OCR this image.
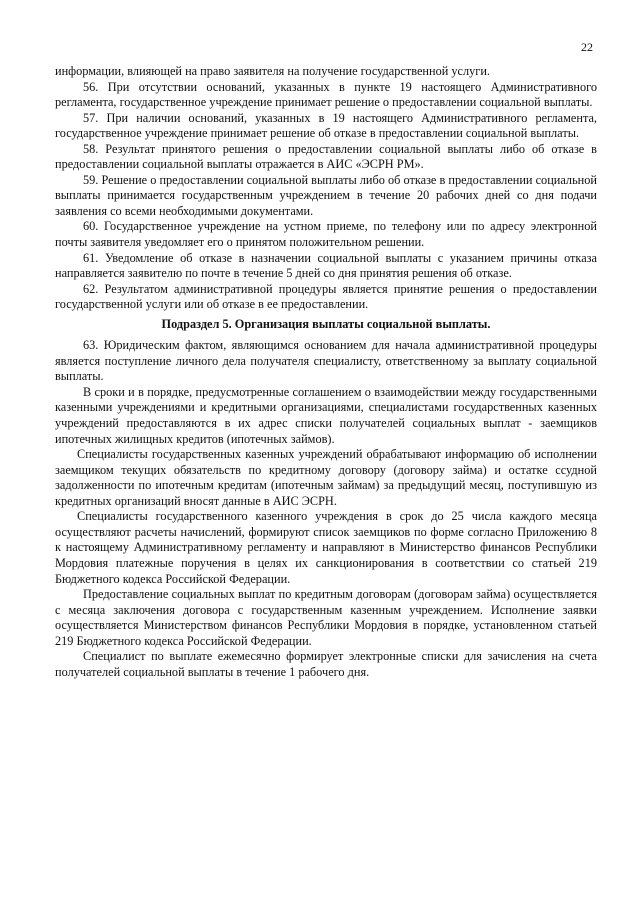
22

информации, влияющей на право заявителя на получение государственной услуги.

56. При отсутствии оснований, указанных в пункте 19 настоящего Административного регламента, государственное учреждение принимает решение о предоставлении социальной выплаты.

57. При наличии оснований, указанных в 19 настоящего Административного регламента, государственное учреждение принимает решение об отказе в предоставлении социальной выплаты.

58. Результат принятого решения о предоставлении социальной выплаты либо об отказе в предоставлении социальной выплаты отражается в АИС «ЭСРН РМ».

59. Решение о предоставлении социальной выплаты либо об отказе в предоставлении социальной выплаты принимается государственным учреждением в течение 20 рабочих дней со дня подачи заявления со всеми необходимыми документами.

60. Государственное учреждение на устном приеме, по телефону или по адресу электронной почты заявителя уведомляет его о принятом положительном решении.

61. Уведомление об отказе в назначении социальной выплаты с указанием причины отказа направляется заявителю по почте в течение 5 дней со дня принятия решения об отказе.

62. Результатом административной процедуры является принятие решения о предоставлении государственной услуги или об отказе в ее предоставлении.

Подраздел 5. Организация выплаты социальной выплаты.

63. Юридическим фактом, являющимся основанием для начала административной процедуры является поступление личного дела получателя специалисту, ответственному за выплату социальной выплаты.

В сроки и в порядке, предусмотренные соглашением о взаимодействии между государственными казенными учреждениями и кредитными организациями, специалистами государственных казенных учреждений предоставляются в их адрес списки получателей социальных выплат - заемщиков ипотечных жилищных кредитов (ипотечных займов).

Специалисты государственных казенных учреждений обрабатывают информацию об исполнении заемщиком текущих обязательств по кредитному договору (договору займа) и остатке ссудной задолженности по ипотечным кредитам (ипотечным займам) за предыдущий месяц, поступившую из кредитных организаций вносят данные в АИС ЭСРН.

Специалисты государственного казенного учреждения в срок до 25 числа каждого месяца осуществляют расчеты начислений, формируют список заемщиков по форме согласно Приложению 8 к настоящему Административному регламенту и направляют в Министерство финансов Республики Мордовия платежные поручения в целях их санкционирования в соответствии со статьей 219 Бюджетного кодекса Российской Федерации.

Предоставление социальных выплат по кредитным договорам (договорам займа) осуществляется с месяца заключения договора с государственным казенным учреждением. Исполнение заявки осуществляется Министерством финансов Республики Мордовия в порядке, установленном статьей 219 Бюджетного кодекса Российской Федерации.

Специалист по выплате ежемесячно формирует электронные списки для зачисления на счета получателей социальной выплаты в течение 1 рабочего дня.
